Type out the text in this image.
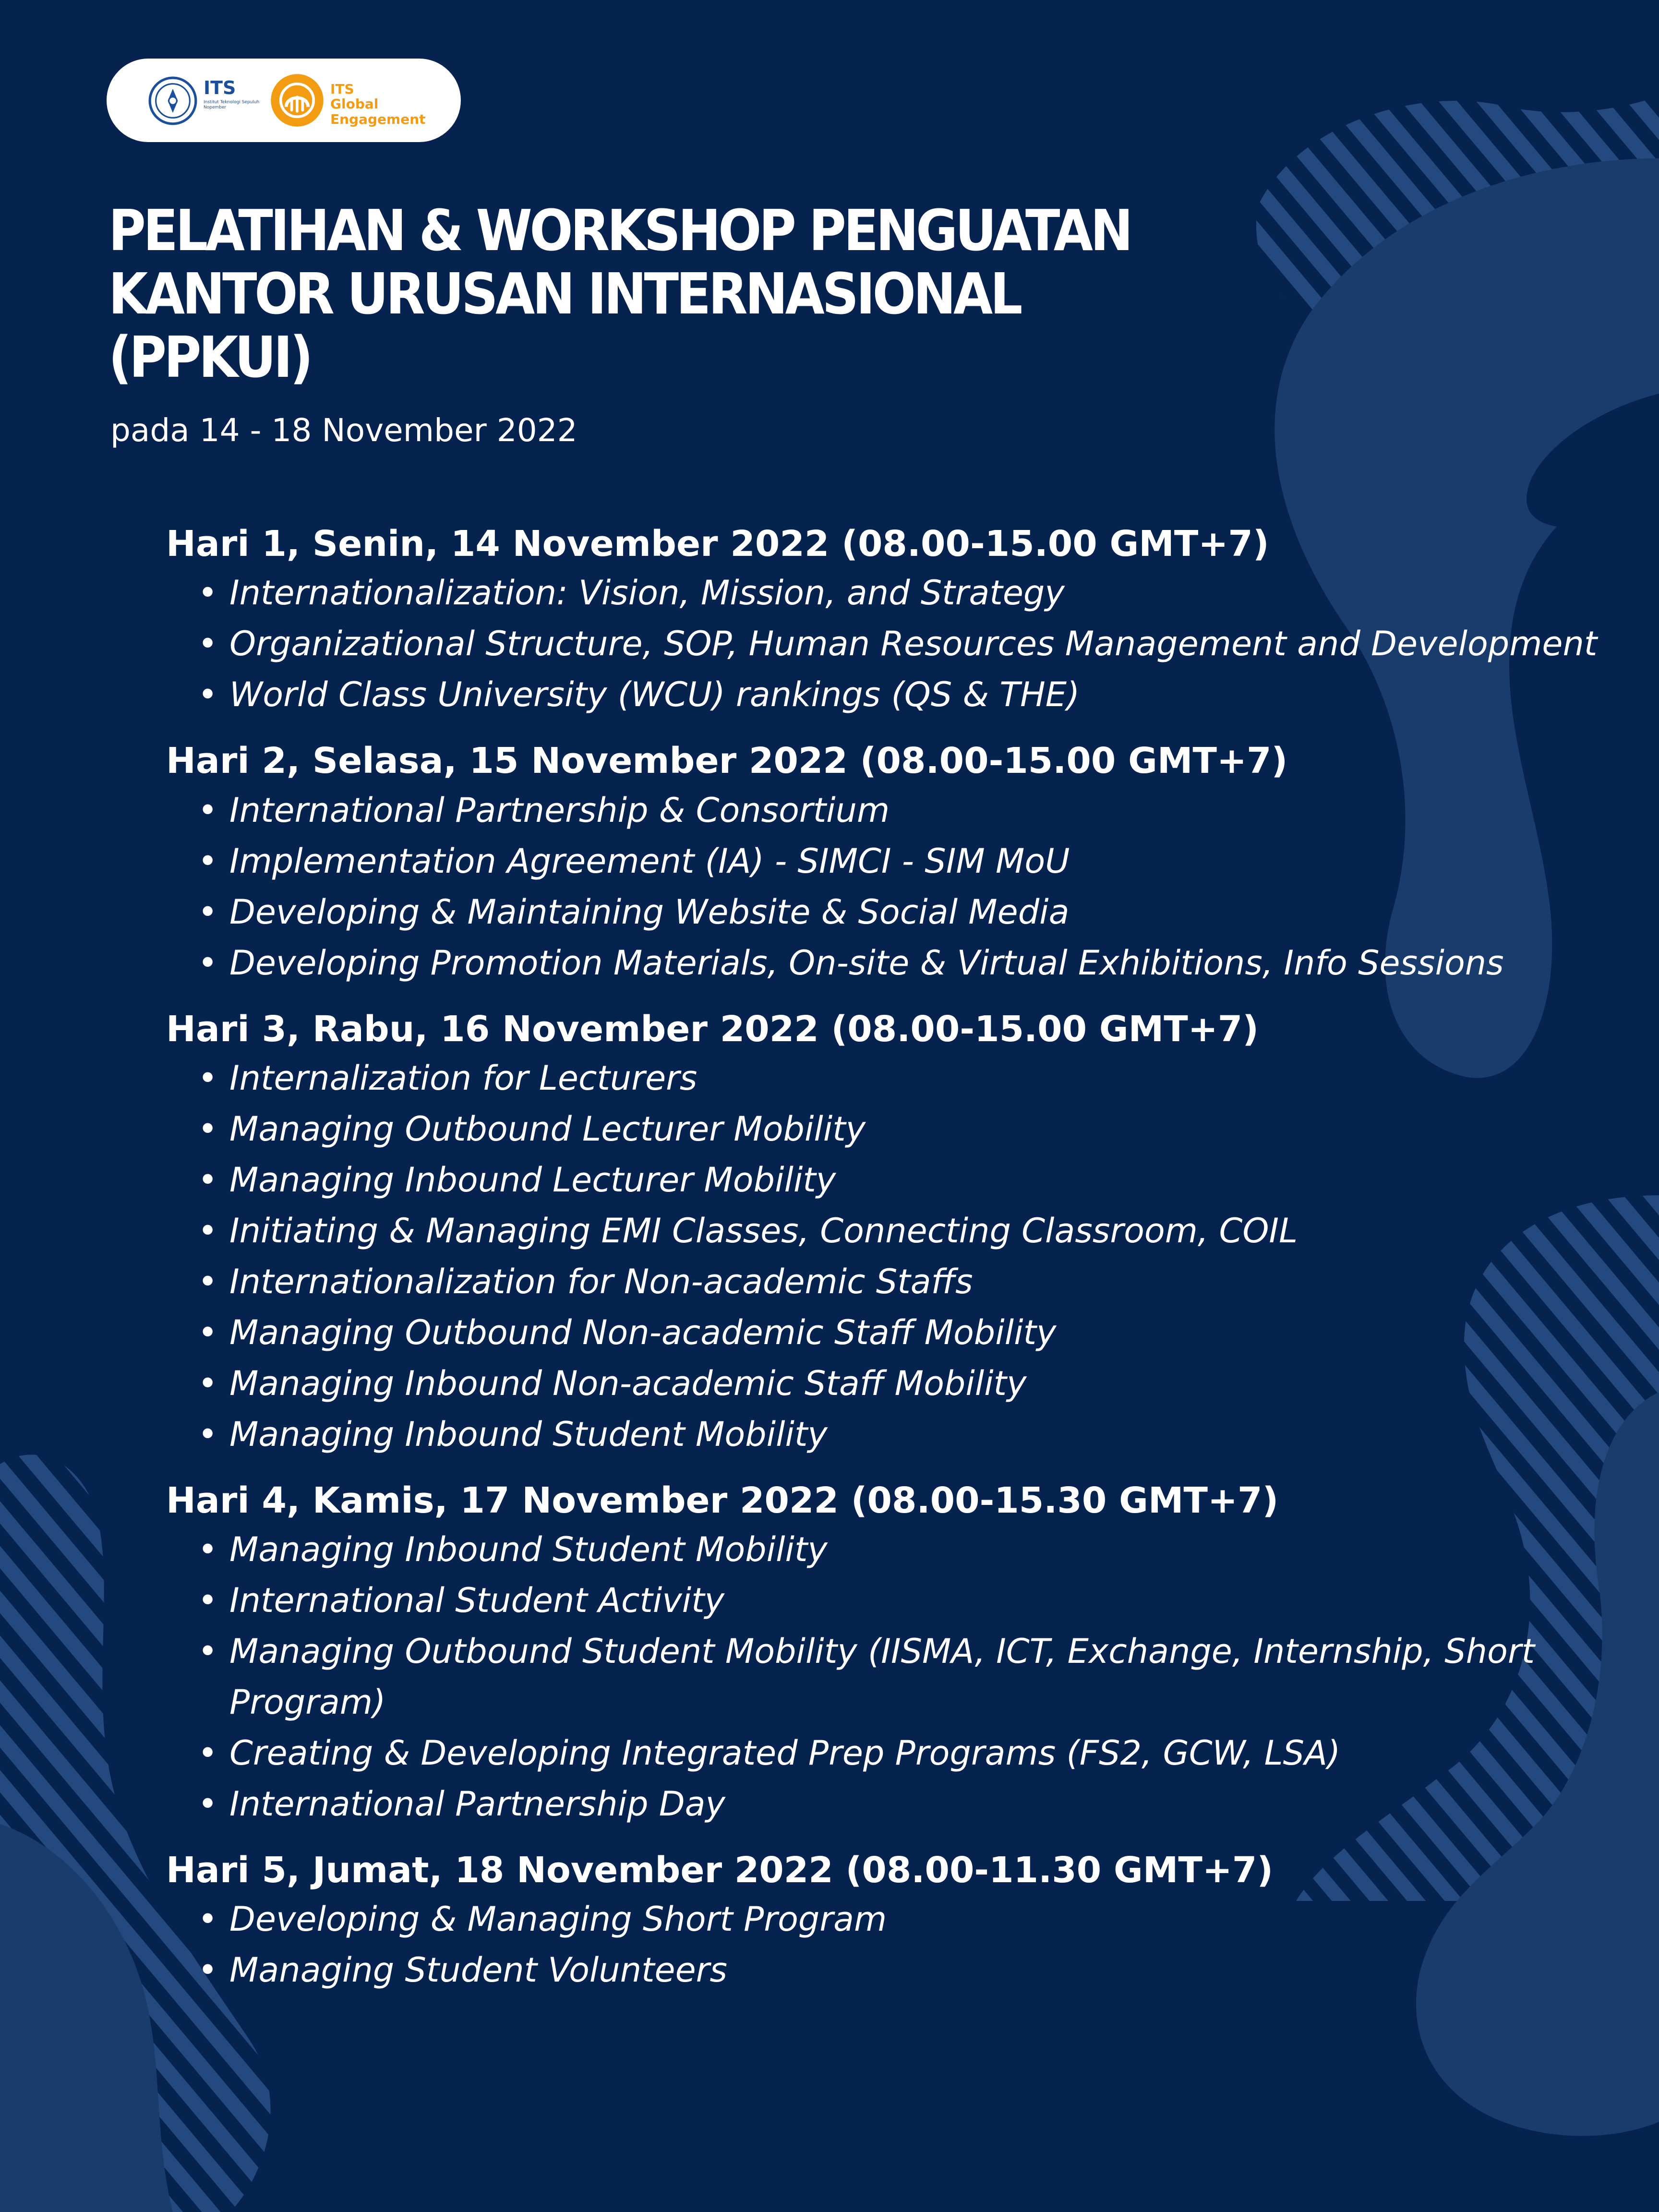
ITS
Institut Teknologi Sepuluh Nopember
ITS
Global
Engagement
PELATIHAN & WORKSHOP PENGUATAN
KANTOR URUSAN INTERNASIONAL
(PPKUI)

pada 14 - 18 November 2022

Hari 1, Senin, 14 November 2022 (08.00-15.00 GMT+7)
• Internationalization: Vision, Mission, and Strategy
• Organizational Structure, SOP, Human Resources Management and Development
• World Class University (WCU) rankings (QS & THE)
Hari 2, Selasa, 15 November 2022 (08.00-15.00 GMT+7)
• International Partnership & Consortium
• Implementation Agreement (IA) - SIMCI - SIM MoU
• Developing & Maintaining Website & Social Media
• Developing Promotion Materials, On-site & Virtual Exhibitions, Info Sessions
Hari 3, Rabu, 16 November 2022 (08.00-15.00 GMT+7)
• Internalization for Lecturers
• Managing Outbound Lecturer Mobility
• Managing Inbound Lecturer Mobility
• Initiating & Managing EMI Classes, Connecting Classroom, COIL
• Internationalization for Non-academic Staffs
• Managing Outbound Non-academic Staff Mobility
• Managing Inbound Non-academic Staff Mobility
• Managing Inbound Student Mobility
Hari 4, Kamis, 17 November 2022 (08.00-15.30 GMT+7)
• Managing Inbound Student Mobility
• International Student Activity
• Managing Outbound Student Mobility (IISMA, ICT, Exchange, Internship, Short Program)
• Creating & Developing Integrated Prep Programs (FS2, GCW, LSA)
• International Partnership Day
Hari 5, Jumat, 18 November 2022 (08.00-11.30 GMT+7)
• Developing & Managing Short Program
• Managing Student Volunteers
